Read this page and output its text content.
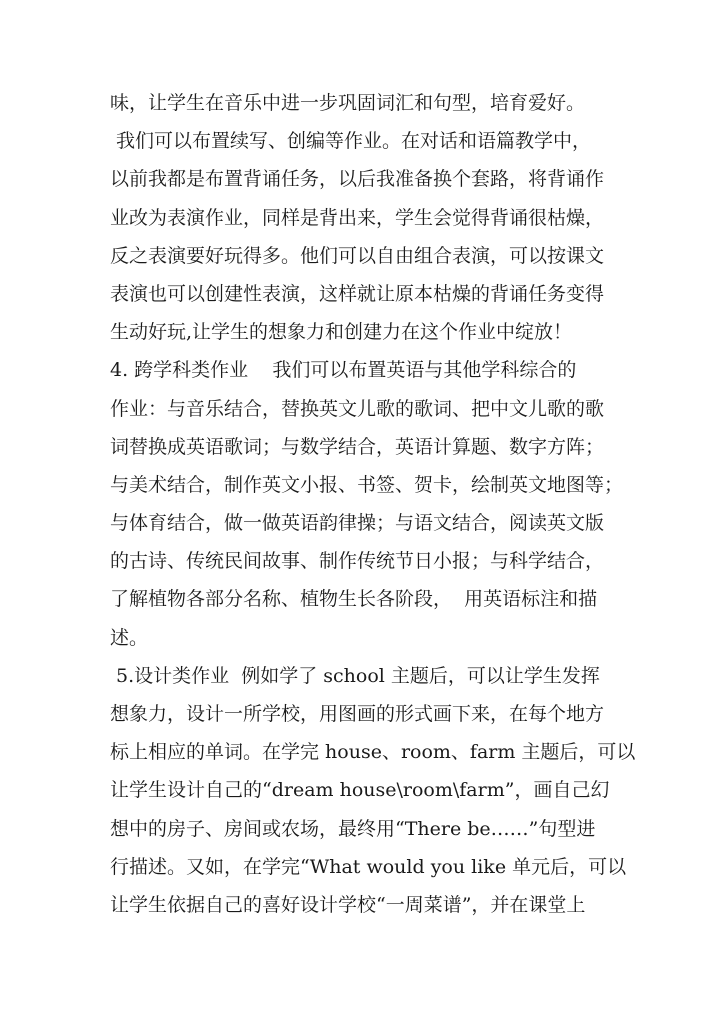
味，让学生在音乐中进一步巩固词汇和句型，培育爱好。
我们可以布置续写、创编等作业。在对话和语篇教学中，
以前我都是布置背诵任务，以后我准备换个套路，将背诵作
业改为表演作业，同样是背出来，学生会觉得背诵很枯燥，
反之表演要好玩得多。他们可以自由组合表演，可以按课文
表演也可以创建性表演，这样就让原本枯燥的背诵任务变得
生动好玩,让学生的想象力和创建力在这个作业中绽放！
4. 跨学科类作业    我们可以布置英语与其他学科综合的
作业：与音乐结合，替换英文儿歌的歌词、把中文儿歌的歌
词替换成英语歌词；与数学结合，英语计算题、数字方阵；
与美术结合，制作英文小报、书签、贺卡，绘制英文地图等；
与体育结合，做一做英语韵律操；与语文结合，阅读英文版
的古诗、传统民间故事、制作传统节日小报；与科学结合，
了解植物各部分名称、植物生长各阶段，  用英语标注和描
述。
5.设计类作业  例如学了 school 主题后，可以让学生发挥
想象力，设计一所学校，用图画的形式画下来，在每个地方
标上相应的单词。在学完 house、room、farm 主题后，可以
让学生设计自己的“dream house\room\farm”，画自己幻
想中的房子、房间或农场，最终用“There be……”句型进
行描述。又如，在学完“What would you like 单元后，可以
让学生依据自己的喜好设计学校“一周菜谱”，并在课堂上
